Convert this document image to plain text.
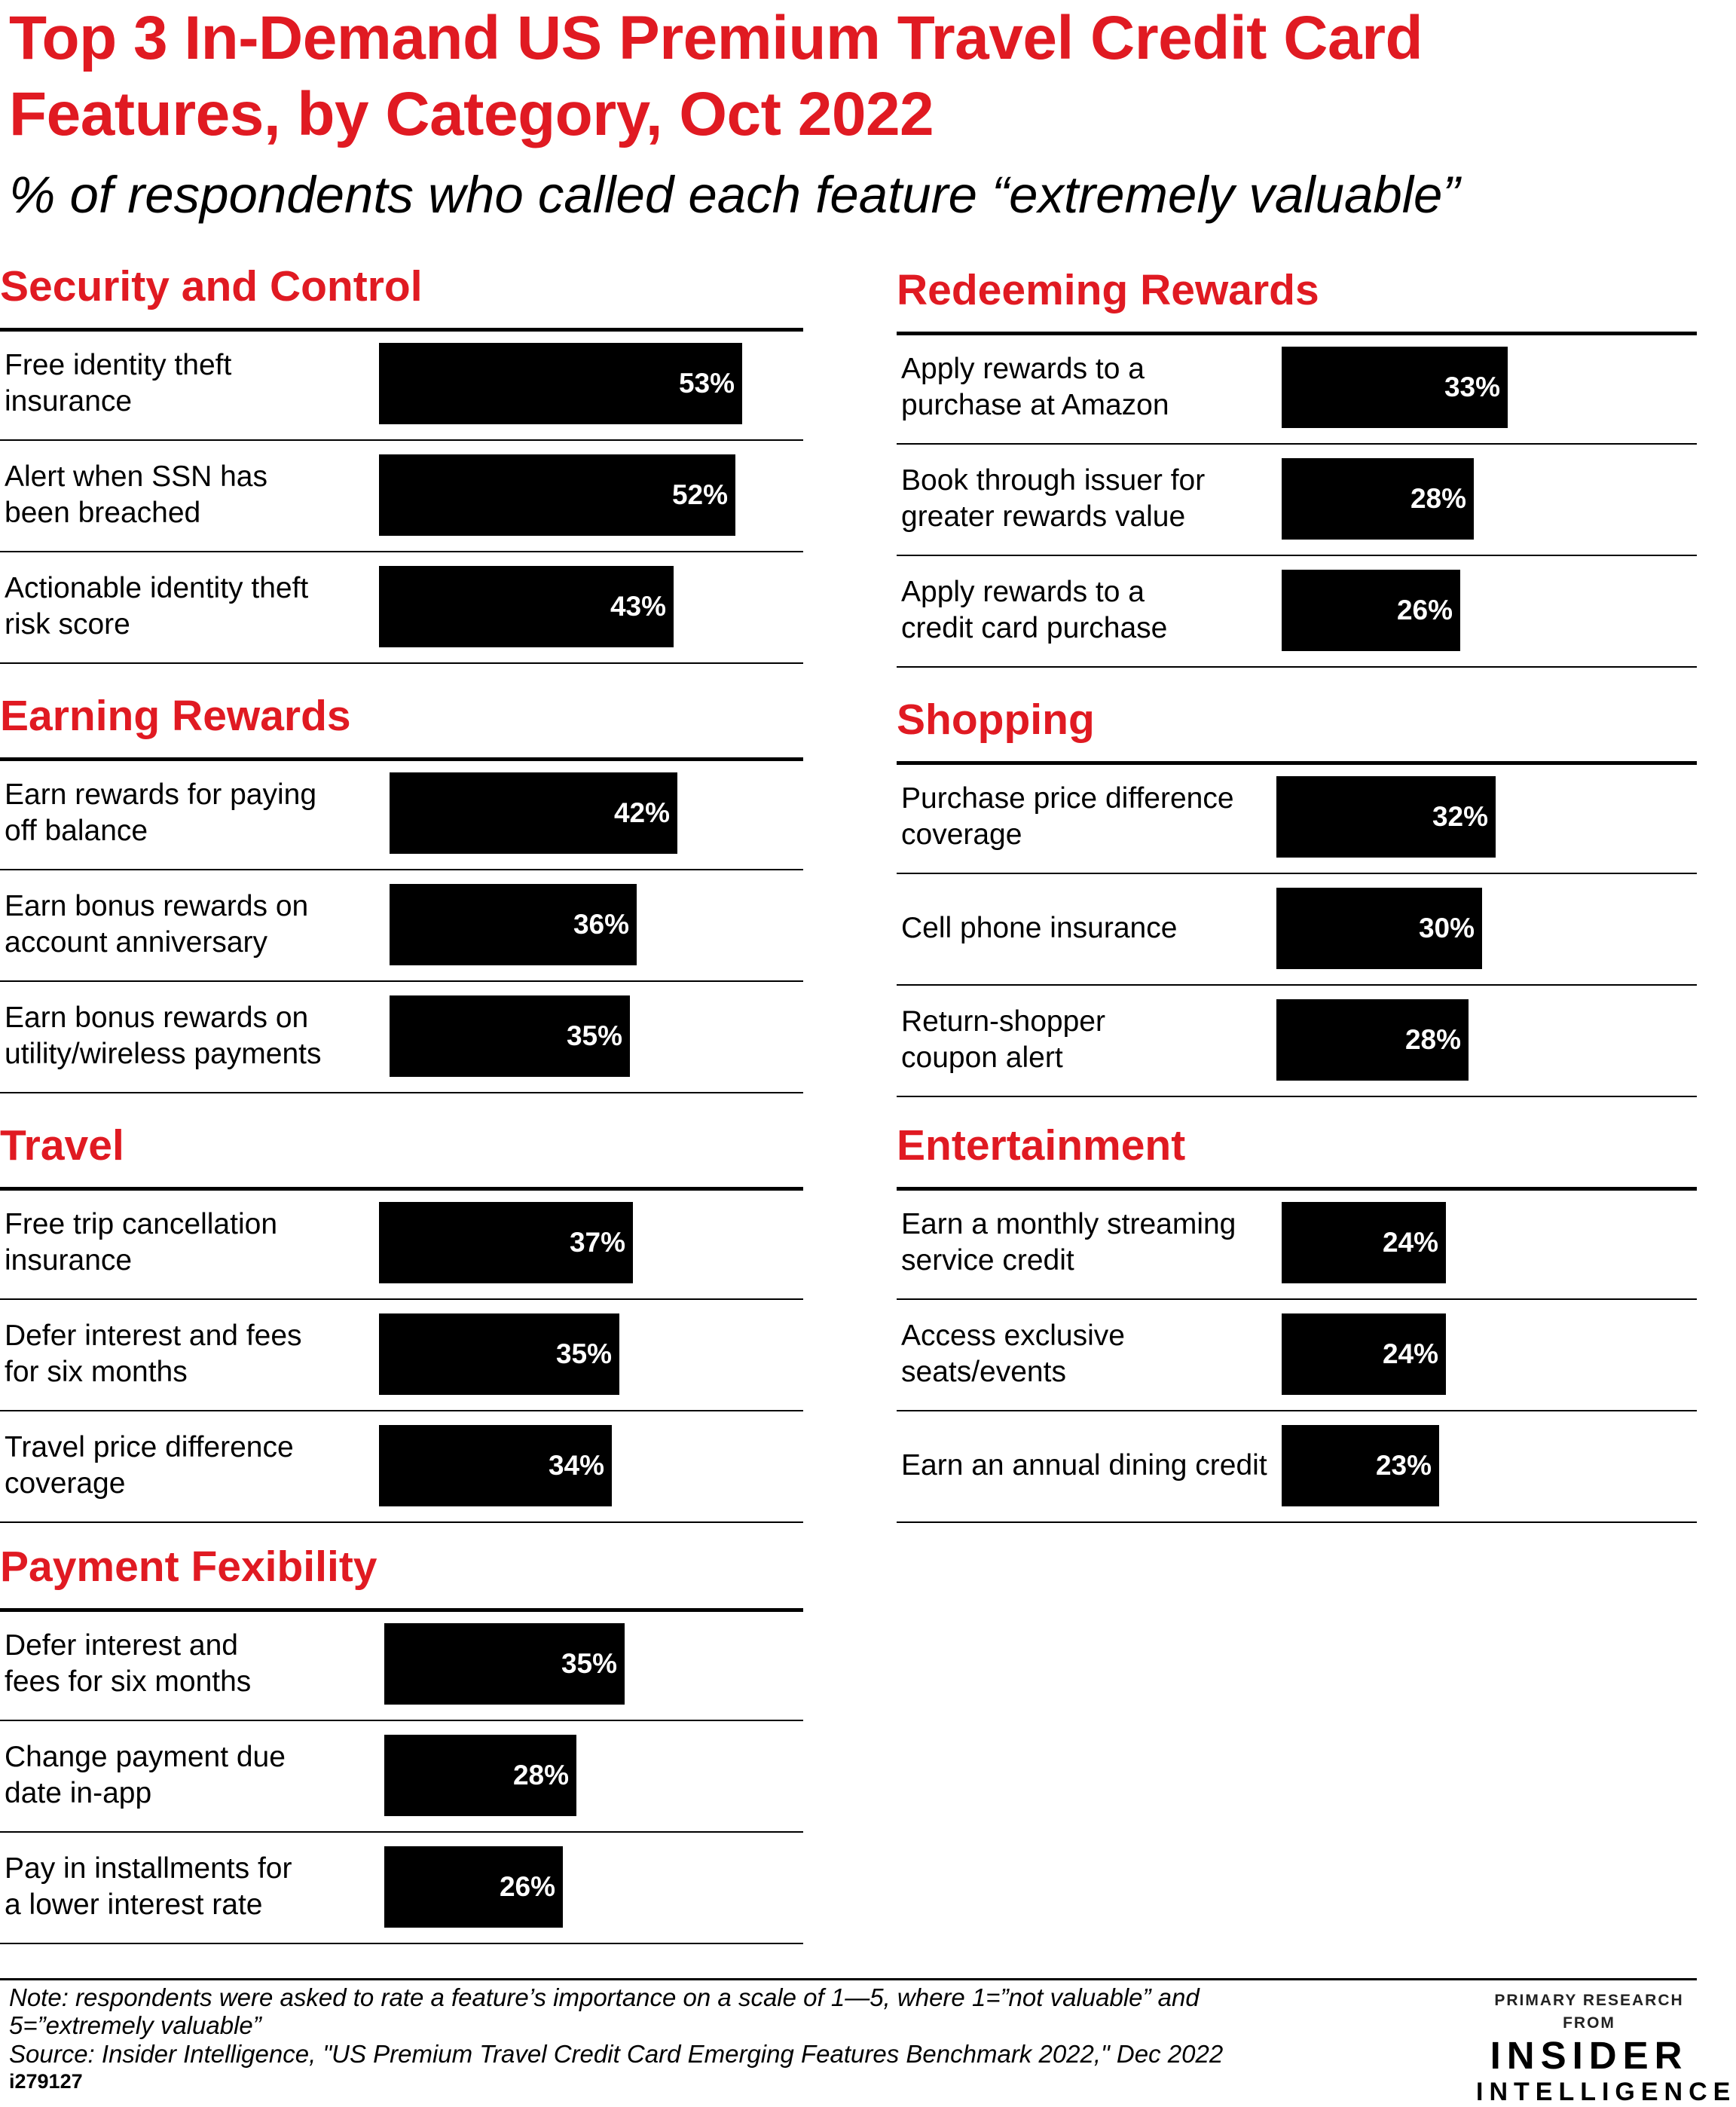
Top 3 In-Demand US Premium Travel Credit Card Features, by Category, Oct 2022

% of respondents who called each feature “extremely valuable”

Security and Control
Free identity theft
insurance
53%
Alert when SSN has
been breached
52%
Actionable identity theft
risk score
43%
Earning Rewards
Earn rewards for paying
off balance
42%
Earn bonus rewards on
account anniversary
36%
Earn bonus rewards on
utility/wireless payments
35%
Travel
Free trip cancellation
insurance
37%
Defer interest and fees
for six months
35%
Travel price difference
coverage
34%
Payment Fexibility
Defer interest and
fees for six months
35%
Change payment due
date in-app
28%
Pay in installments for
a lower interest rate
26%
Redeeming Rewards
Apply rewards to a
purchase at Amazon
33%
Book through issuer for
greater rewards value
28%
Apply rewards to a
credit card purchase
26%
Shopping
Purchase price difference
coverage
32%
Cell phone insurance	30%
Return-shopper
coupon alert
28%
Entertainment
Earn a monthly streaming
service credit
24%
Access exclusive
seats/events
24%
Earn an annual dining credit	23%

Note: respondents were asked to rate a feature’s importance on a scale of 1—5, where 1=”not valuable” and 5=”extremely valuable”

Source: Insider Intelligence, "US Premium Travel Credit Card Emerging Features Benchmark 2022," Dec 2022
i279127
PRIMARY RESEARCH FROM
INSIDER
INTELLIGENCE
